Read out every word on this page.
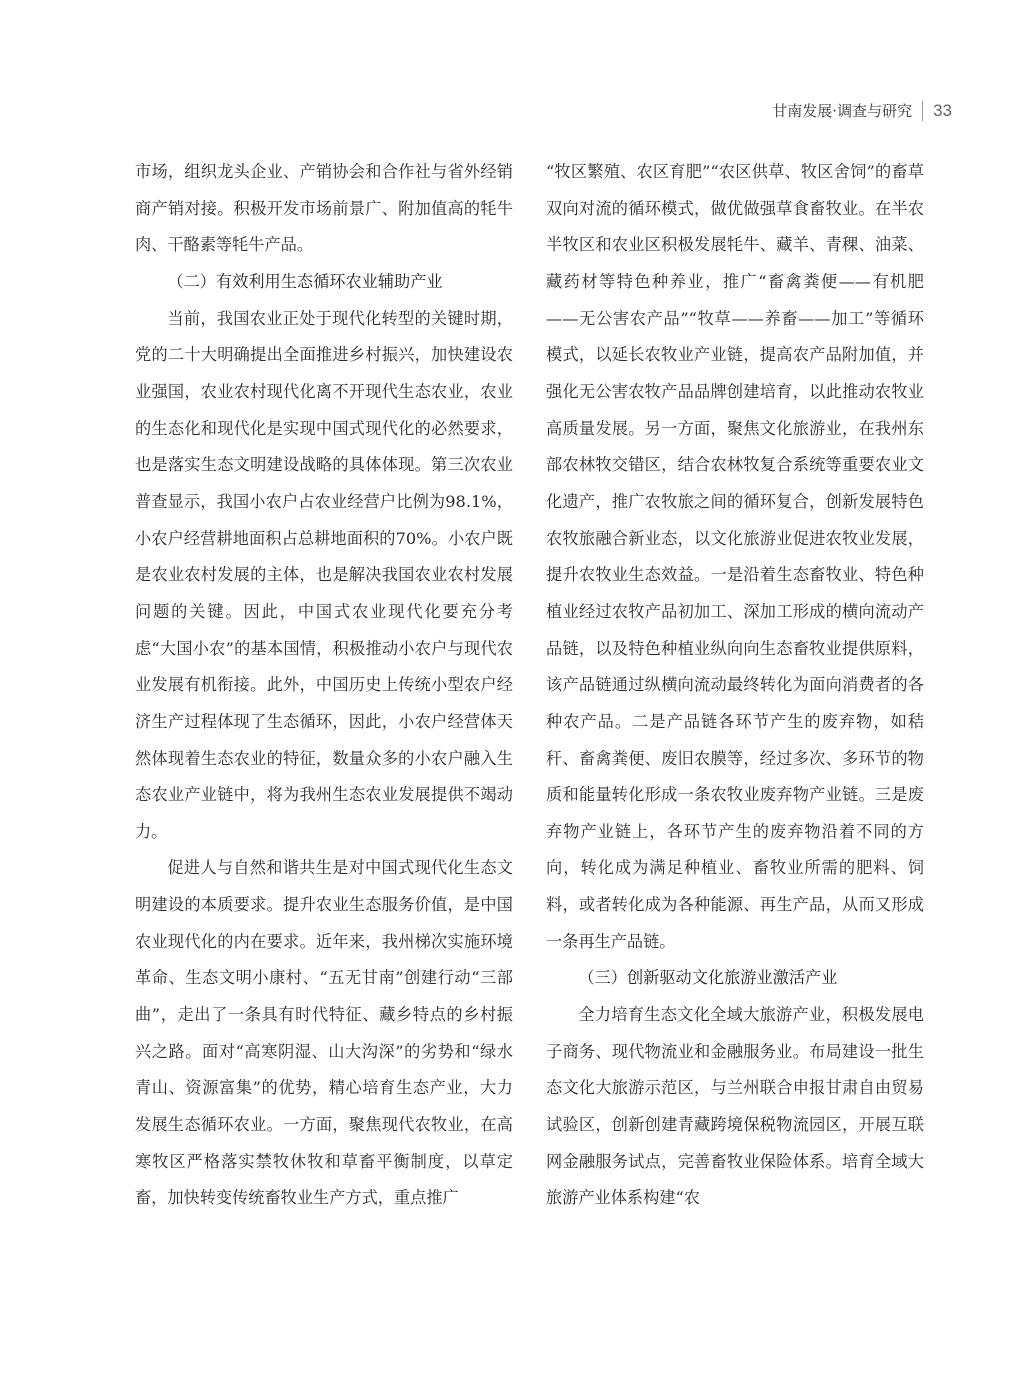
甘南发展·调查与研究 33

市场，组织龙头企业、产销协会和合作社与省外经销商产销对接。积极开发市场前景广、附加值高的牦牛肉、干酪素等牦牛产品。

（二）有效利用生态循环农业辅助产业

当前，我国农业正处于现代化转型的关键时期，党的二十大明确提出全面推进乡村振兴，加快建设农业强国，农业农村现代化离不开现代生态农业，农业的生态化和现代化是实现中国式现代化的必然要求，也是落实生态文明建设战略的具体体现。第三次农业普查显示，我国小农户占农业经营户比例为98.1%，小农户经营耕地面积占总耕地面积的70%。小农户既是农业农村发展的主体，也是解决我国农业农村发展问题的关键。因此，中国式农业现代化要充分考虑“大国小农”的基本国情，积极推动小农户与现代农业发展有机衔接。此外，中国历史上传统小型农户经济生产过程体现了生态循环，因此，小农户经营体天然体现着生态农业的特征，数量众多的小农户融入生态农业产业链中，将为我州生态农业发展提供不竭动力。

促进人与自然和谐共生是对中国式现代化生态文明建设的本质要求。提升农业生态服务价值，是中国农业现代化的内在要求。近年来，我州梯次实施环境革命、生态文明小康村、“五无甘南”创建行动“三部曲”，走出了一条具有时代特征、藏乡特点的乡村振兴之路。面对“高寒阴湿、山大沟深”的劣势和“绿水青山、资源富集”的优势，精心培育生态产业，大力发展生态循环农业。一方面，聚焦现代农牧业，在高寒牧区严格落实禁牧休牧和草畜平衡制度，以草定畜，加快转变传统畜牧业生产方式，重点推广

“牧区繁殖、农区育肥”“农区供草、牧区舍饲”的畜草双向对流的循环模式，做优做强草食畜牧业。在半农半牧区和农业区积极发展牦牛、藏羊、青稞、油菜、藏药材等特色种养业，推广“畜禽粪便——有机肥——无公害农产品”“牧草——养畜——加工”等循环模式，以延长农牧业产业链，提高农产品附加值，并强化无公害农牧产品品牌创建培育，以此推动农牧业高质量发展。另一方面，聚焦文化旅游业，在我州东部农林牧交错区，结合农林牧复合系统等重要农业文化遗产，推广农牧旅之间的循环复合，创新发展特色农牧旅融合新业态，以文化旅游业促进农牧业发展，提升农牧业生态效益。一是沿着生态畜牧业、特色种植业经过农牧产品初加工、深加工形成的横向流动产品链，以及特色种植业纵向向生态畜牧业提供原料，该产品链通过纵横向流动最终转化为面向消费者的各种农产品。二是产品链各环节产生的废弃物，如秸秆、畜禽粪便、废旧农膜等，经过多次、多环节的物质和能量转化形成一条农牧业废弃物产业链。三是废弃物产业链上，各环节产生的废弃物沿着不同的方向，转化成为满足种植业、畜牧业所需的肥料、饲料，或者转化成为各种能源、再生产品，从而又形成一条再生产品链。

（三）创新驱动文化旅游业激活产业

全力培育生态文化全域大旅游产业，积极发展电子商务、现代物流业和金融服务业。布局建设一批生态文化大旅游示范区，与兰州联合申报甘肃自由贸易试验区，创新创建青藏跨境保税物流园区，开展互联网金融服务试点，完善畜牧业保险体系。培育全域大旅游产业体系构建“农
